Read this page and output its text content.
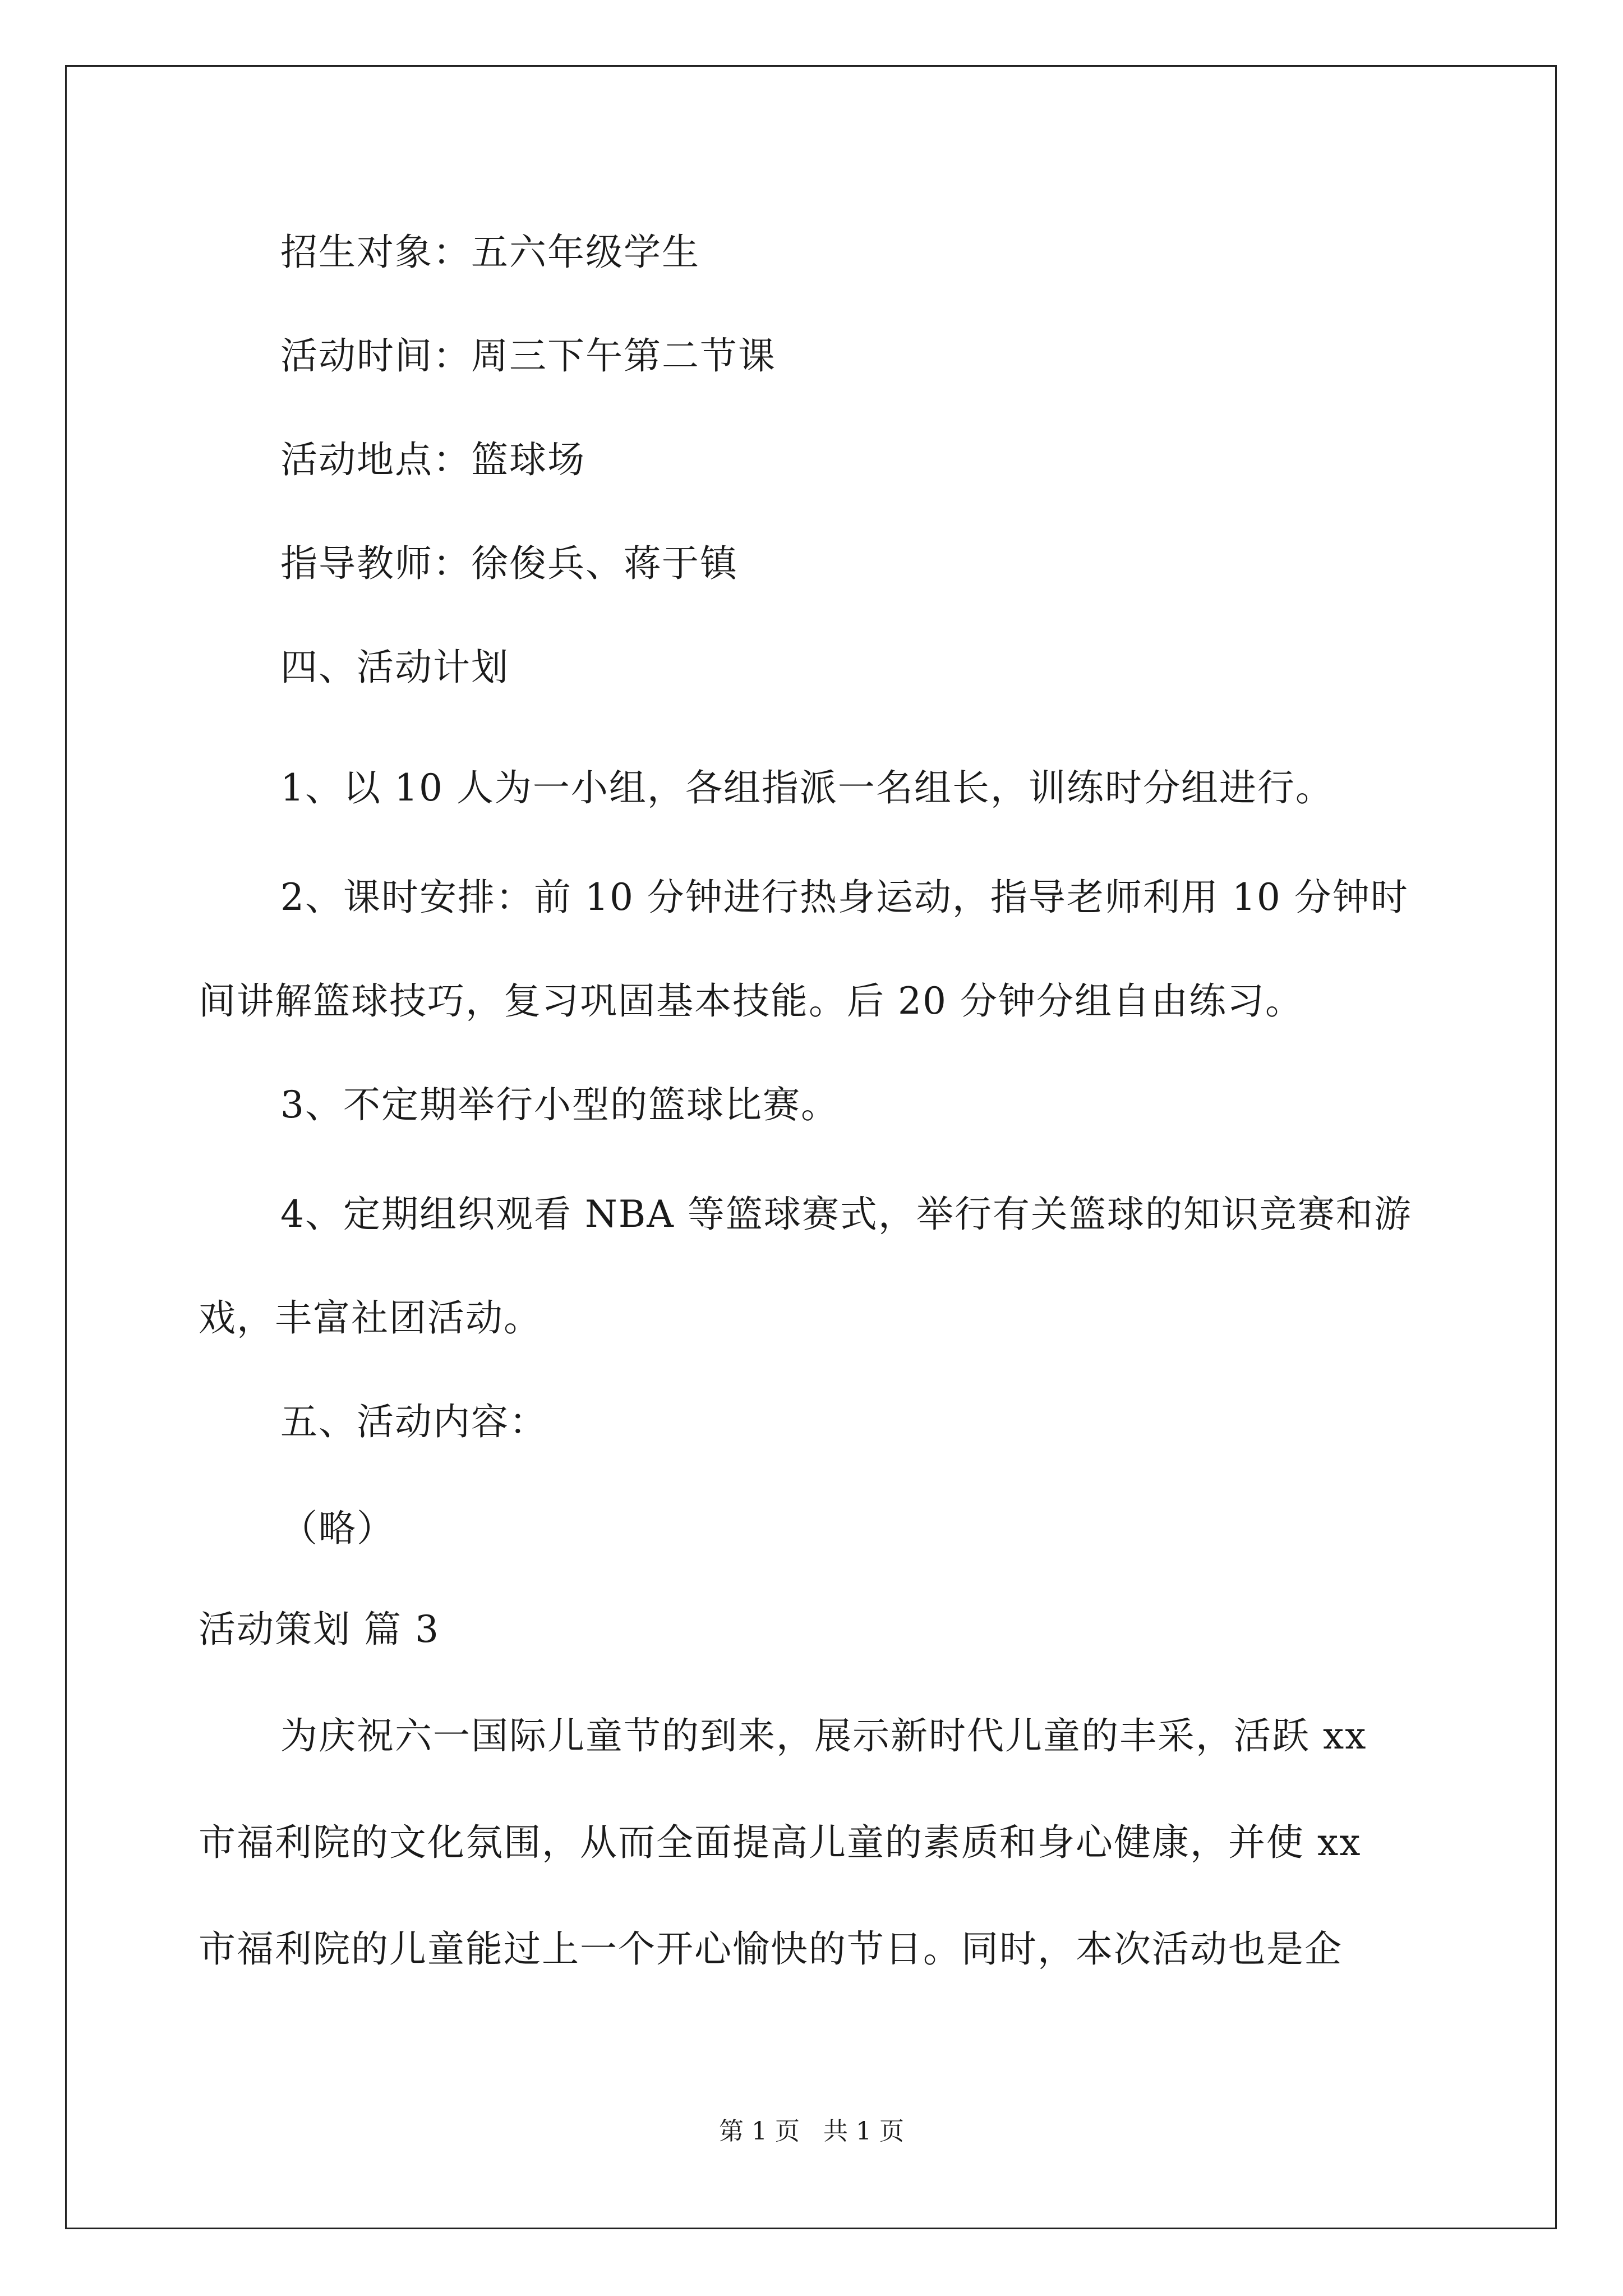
招生对象：五六年级学生
活动时间：周三下午第二节课
活动地点：篮球场
指导教师：徐俊兵、蒋于镇
四、活动计划
1、以 10 人为一小组，各组指派一名组长，训练时分组进行。
2、课时安排：前 10 分钟进行热身运动，指导老师利用 10 分钟时
间讲解篮球技巧，复习巩固基本技能。后 20 分钟分组自由练习。
3、不定期举行小型的篮球比赛。
4、定期组织观看 NBA 等篮球赛式，举行有关篮球的知识竞赛和游
戏，丰富社团活动。
五、活动内容：
（略）
活动策划 篇 3
为庆祝六一国际儿童节的到来，展示新时代儿童的丰采，活跃 xx
市福利院的文化氛围，从而全面提高儿童的素质和身心健康，并使 xx
市福利院的儿童能过上一个开心愉快的节日。同时，本次活动也是企
第 1 页   共 1 页
